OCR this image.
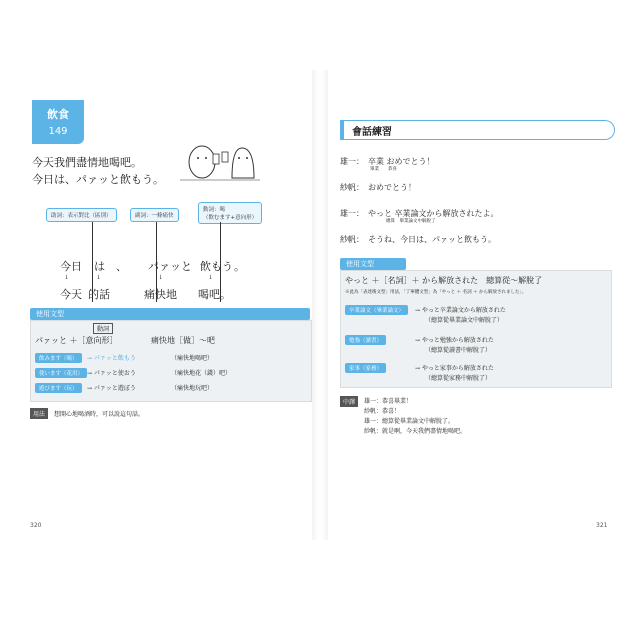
飲食
149
今天我們盡情地喝吧。
今日は、パァッと飲もう。
助詞：表示對比（區別）	副詞：一條痛快
動詞：喝
（飲むます+意向形）
今日 は 、 パァッと 飲もう 。
↓	↓	↓	↓
今天 的話	痛快地 喝吧。
使用文型
動詞
パァッと ＋［意向形］	痛快地［做］～吧
飲みます（喝）	→ パァッと飲もう	（痛快地喝吧）
使います（花用） → パァッと使おう	（痛快地花（錢）吧）
遊びます（玩）	→ パァッと遊ぼう	（痛快地玩吧）
用法	想開心地喝酒時，可以說這句話。
320
會話練習
雄一： 卒業 おめでとう！
畢業　　恭喜
紗帆： おめでとう！
雄一： やっと 卒業論文から解放されたよ。
總算　畢業論文中解脫了
紗帆： そうね、今日は、パァッと飲もう。
使用文型
やっと ＋［名詞］＋ から解放された　總算從～解脫了
※此為「表達後文型」用法，「丁寧體文型」為「やっと ＋ 名詞 ＋ から解放されました」。
卒業論文（畢業論文）	→ やっと卒業論文から解放された
（總算從畢業論文中解脫了）
勉強（讀書）	→ やっと勉強から解放された
（總算從讀書中解脫了）
家事（家務）	→ やっと家事から解放された
（總算從家務中解脫了）
中譯	雄一：恭喜畢業！
紗帆：恭喜！
雄一：總算從畢業論文中解脫了。
紗帆：就是啊，今天我們盡情地喝吧。
321
